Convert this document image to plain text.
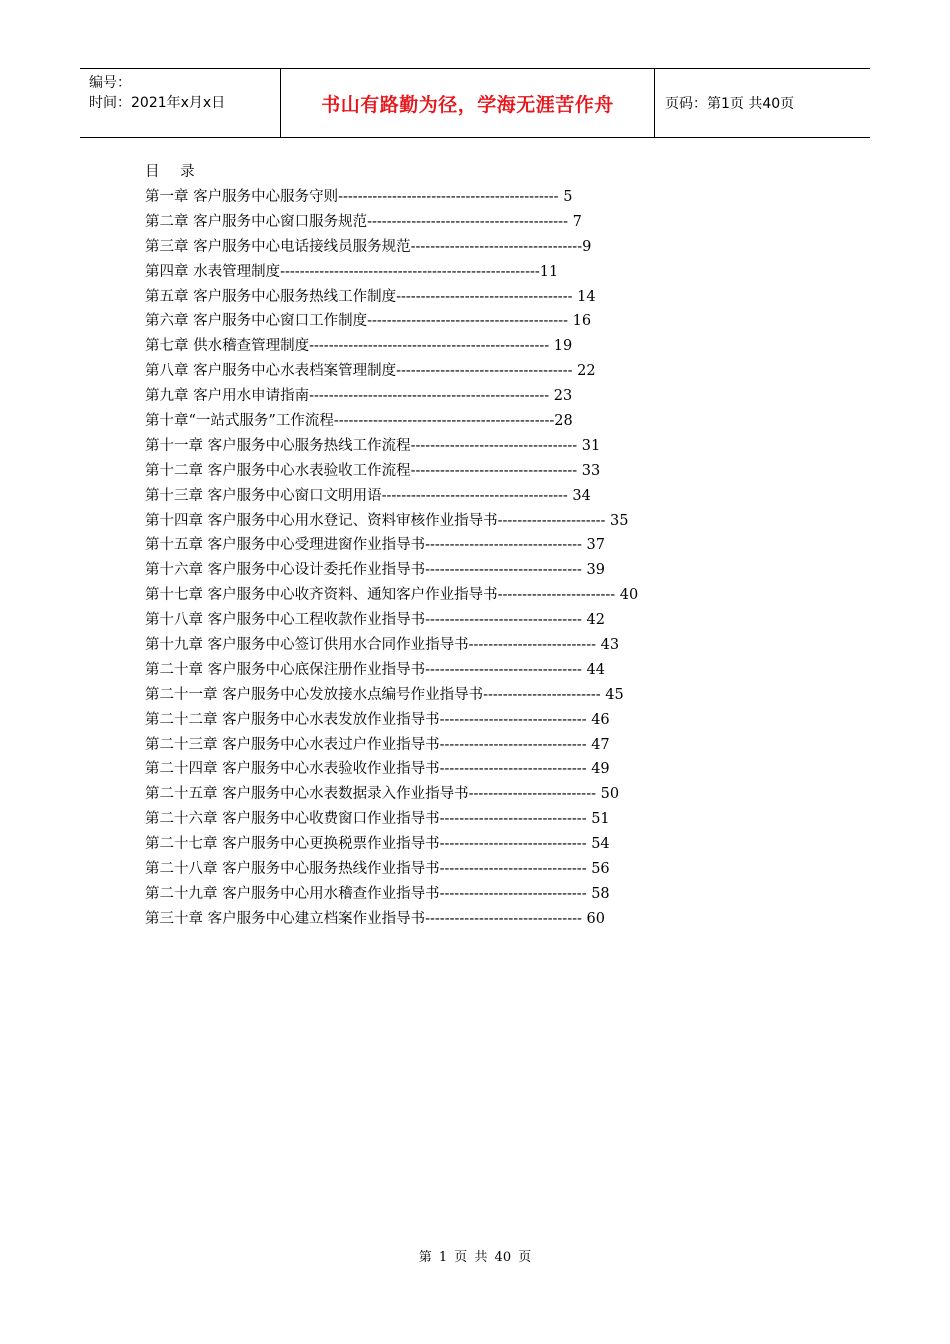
编号：
时间：2021年x月x日	书山有路勤为径，学海无涯苦作舟	页码：第1页 共40页
目 录
第一章 客户服务中心服务守则--------------------------------------------- 5
第二章 客户服务中心窗口服务规范----------------------------------------- 7
第三章 客户服务中心电话接线员服务规范-----------------------------------9
第四章 水表管理制度-----------------------------------------------------11
第五章 客户服务中心服务热线工作制度------------------------------------ 14
第六章 客户服务中心窗口工作制度----------------------------------------- 16
第七章 供水稽查管理制度------------------------------------------------- 19
第八章 客户服务中心水表档案管理制度------------------------------------ 22
第九章 客户用水申请指南------------------------------------------------- 23
第十章“一站式服务”工作流程---------------------------------------------28
第十一章 客户服务中心服务热线工作流程---------------------------------- 31
第十二章 客户服务中心水表验收工作流程---------------------------------- 33
第十三章 客户服务中心窗口文明用语-------------------------------------- 34
第十四章 客户服务中心用水登记、资料审核作业指导书---------------------- 35
第十五章 客户服务中心受理进窗作业指导书-------------------------------- 37
第十六章 客户服务中心设计委托作业指导书-------------------------------- 39
第十七章 客户服务中心收齐资料、通知客户作业指导书------------------------ 40
第十八章 客户服务中心工程收款作业指导书-------------------------------- 42
第十九章 客户服务中心签订供用水合同作业指导书-------------------------- 43
第二十章 客户服务中心底保注册作业指导书-------------------------------- 44
第二十一章 客户服务中心发放接水点编号作业指导书------------------------ 45
第二十二章 客户服务中心水表发放作业指导书------------------------------ 46
第二十三章 客户服务中心水表过户作业指导书------------------------------ 47
第二十四章 客户服务中心水表验收作业指导书------------------------------ 49
第二十五章 客户服务中心水表数据录入作业指导书-------------------------- 50
第二十六章 客户服务中心收费窗口作业指导书------------------------------ 51
第二十七章 客户服务中心更换税票作业指导书------------------------------ 54
第二十八章 客户服务中心服务热线作业指导书------------------------------ 56
第二十九章 客户服务中心用水稽查作业指导书------------------------------ 58
第三十章 客户服务中心建立档案作业指导书-------------------------------- 60
第 1 页 共 40 页
